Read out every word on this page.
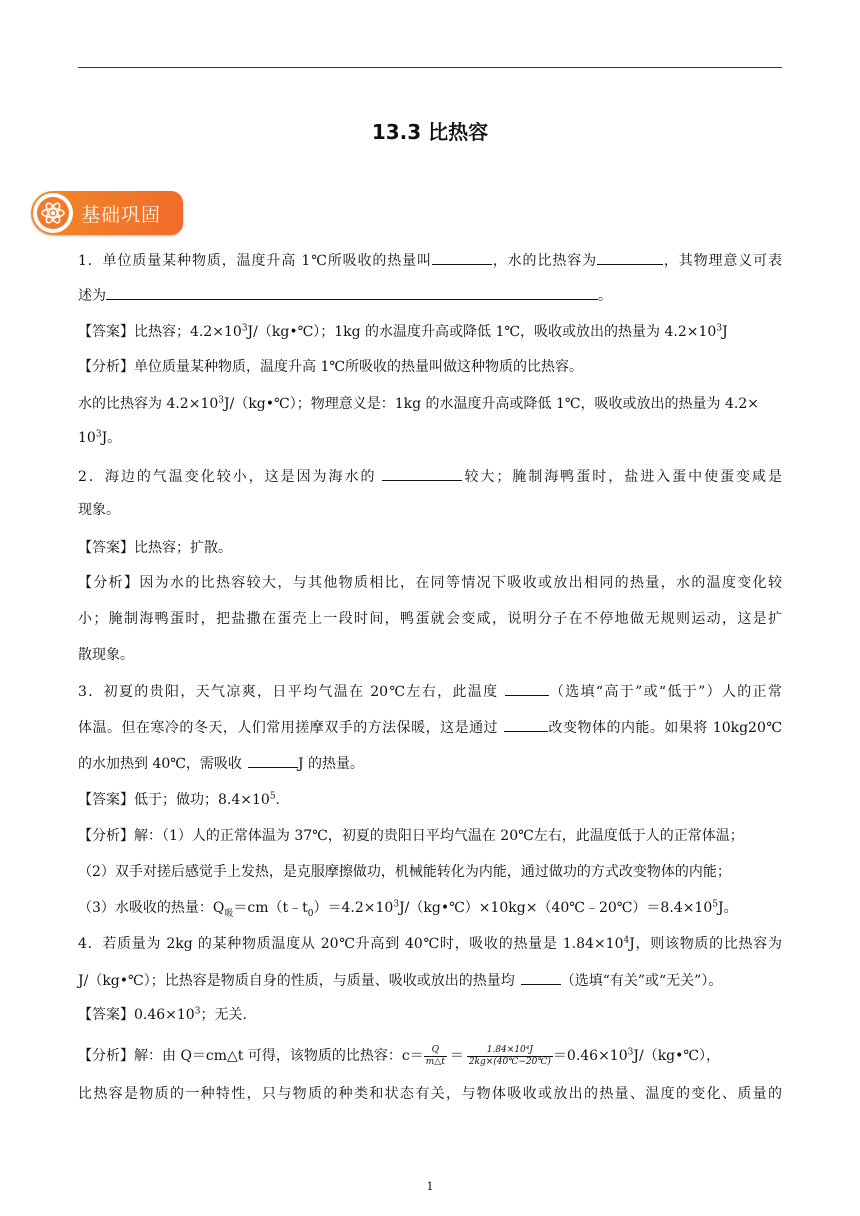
13.3 比热容
基础巩固
1．单位质量某种物质，温度升高 1℃所吸收的热量叫	，水的比热容为	，其物理意义可表
述为	。
【答案】比热容；$4.2\times 10^3J/(kg•℃)$；1kg 的水温度升高或降低 1℃，吸收或放出的热量为 $4.2\times 10^3J$
【分析】单位质量某种物质，温度升高 1℃所吸收的热量叫做这种物质的比热容。
水的比热容为 $4.2\times 10^3J/(kg•℃)$；物理意义是：1kg 的水温度升高或降低 1℃，吸收或放出的热量为 4.2×
$10^3J$。
2．海边的气温变化较小，这是因为海水的	较大；腌制海鸭蛋时，盐进入蛋中使蛋变咸是
现象。
【答案】比热容；扩散。
【分析】因为水的比热容较大，与其他物质相比，在同等情况下吸收或放出相同的热量，水的温度变化较
小；腌制海鸭蛋时，把盐撒在蛋壳上一段时间，鸭蛋就会变咸，说明分子在不停地做无规则运动，这是扩
散现象。
3．初夏的贵阳，天气凉爽，日平均气温在 20℃左右，此温度	（选填“高于”或“低于”）人的正常
体温。但在寒冷的冬天，人们常用搓摩双手的方法保暖，这是通过	改变物体的内能。如果将 10kg20℃
的水加热到 40℃，需吸收	J 的热量。
【答案】低于；做功；$8.4\times 10^5$.
【分析】解：（1）人的正常体温为 37℃，初夏的贵阳日平均气温在 20℃左右，此温度低于人的正常体温；
（2）双手对搓后感觉手上发热，是克服摩擦做功，机械能转化为内能，通过做功的方式改变物体的内能；
（3）水吸收的热量：$Q_吸=cm(t﹣t_0)=4.2\times 10^3J/(kg•℃)\times 10kg\times(40℃﹣20℃)=8.4\times 10^5J$。
4．若质量为 2kg 的某种物质温度从 20℃升高到 40℃时，吸收的热量是 $1.84\times 10^4J$，则该物质的比热容为
J/（kg•℃）；比热容是物质自身的性质，与质量、吸收或放出的热量均	（选填“有关”或“无关”）。
【答案】$0.46\times 10^3$；无关.
【分析】解：由 Q＝cm△t 可得，该物质的比热容：$c= \frac{Q}{m\triangle t} = \frac{\text{1.84×10⁴J}}{2kg\times(40℃-20℃)}$ $=0.46\times 10^3J/(kg•℃)$，
比热容是物质的一种特性，只与物质的种类和状态有关，与物体吸收或放出的热量、温度的变化、质量的
1
